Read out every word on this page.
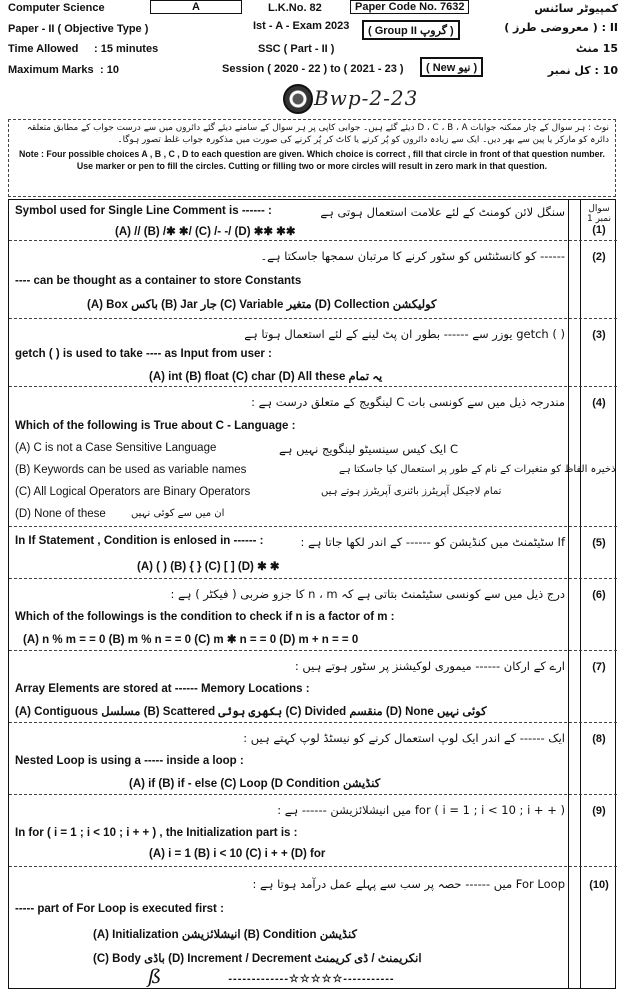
Computer Science	A	L.K.No. 82	Paper Code No. 7632	کمپیوٹر سائنس
Paper - II ( Objective Type )	Ist - A - Exam 2023	( Group II گروپ )	II : ( معروضی طرز )
Time Allowed : 15 minutes	SSC ( Part - II )	15 منٹ
Maximum Marks : 10	Session ( 2020 - 22 ) to ( 2021 - 23 )	( New نیو )	10 : کل نمبر
Bwp-2-23
نوٹ : ہر سوال کے چار ممکنہ جوابات D ، C ، B ، A دیئے گئے ہیں۔ جوابی کاپی پر ہر سوال کے سامنے دیئے گئے دائروں میں سے درست جواب کے مطابق متعلقہ دائرہ کو مارکر یا پین سے بھر دیں۔ ایک سے زیادہ دائروں کو پُر کرنے یا کاٹ کر پُر کرنے کی صورت میں مذکورہ جواب غلط تصور ہوگا۔
Note : Four possible choices A , B , C , D to each question are given. Which choice is correct , fill that circle in front of that question number. Use marker or pen to fill the circles. Cutting or filling two or more circles will result in zero mark in that question.
سوال نمبر 1
Symbol used for Single Line Comment is ------ :	سنگل لائن کومنٹ کے لئے علامت استعمال ہوتی ہے
(A) // (B) /✱ ✱/ (C) /- -/ (D) ✱✱ ✱✱	(1)
------ کو کانسٹنٹس کو سٹور کرنے کا مرتبان سمجھا جاسکتا ہے۔
---- can be thought as a container to store Constants
(A) Box باکس (B) Jar جار (C) Variable متغیر (D) Collection کولیکشن
(2)
( ) getch یوزر سے ------ بطور ان پٹ لینے کے لئے استعمال ہوتا ہے
getch ( ) is used to take ---- as Input from user :
(A) int (B) float (C) char (D) All these یہ تمام
(3)
مندرجہ ذیل میں سے کونسی بات C لینگویج کے متعلق درست ہے :
Which of the following is True about C - Language :
(A) C is not a Case Sensitive Language	C ایک کیس سینسیٹو لینگویج نہیں ہے
(B) Keywords can be used as variable names	ذخیرہ الفاظ کو متغیرات کے نام کے طور پر استعمال کیا جاسکتا ہے
(C) All Logical Operators are Binary Operators	تمام لاجیکل آپریٹرز بائنری آپریٹرز ہوتے ہیں
(D) None of these	ان میں سے کوئی نہیں
(4)
In If Statement , Condition is enlosed in ------ :	If سٹیٹمنٹ میں کنڈیشن کو ------ کے اندر لکھا جاتا ہے :
(A) ( ) (B) { } (C) [ ] (D) ✱ ✱
(5)
درج ذیل میں سے کونسی سٹیٹمنٹ بتاتی ہے کہ n ، m کا جزو ضربی ( فیکٹر ) ہے :
Which of the followings is the condition to check if n is a factor of m :
(A) n % m = = 0 (B) m % n = = 0 (C) m ✱ n = = 0 (D) m + n = = 0
(6)
ارے کے ارکان ------ میموری لوکیشنز پر سٹور ہوتے ہیں :
Array Elements are stored at ------ Memory Locations :
(A) Contiguous مسلسل (B) Scattered بکھری ہوئی (C) Divided منقسم (D) None کوئی نہیں
(7)
ایک ------ کے اندر ایک لوپ استعمال کرنے کو نیسٹڈ لوپ کہتے ہیں :
Nested Loop is using a ----- inside a loop :
(A) if (B) if - else (C) Loop (D Condition کنڈیشن
(8)
for ( i = 1 ; i < 10 ; i + + ) میں انیشلائزیشن ------ ہے :
In for ( i = 1 ; i < 10 ; i + + ) , the Initialization part is :
(A) i = 1 (B) i < 10 (C) i + + (D) for
(9)
For Loop میں ------ حصہ پر سب سے پہلے عمل درآمد ہوتا ہے :
----- part of For Loop is executed first :
(A) Initialization انیشلائزیشن (B) Condition کنڈیشن
(C) Body باڈی (D) Increment / Decrement انکریمنٹ / ڈی کریمنٹ
(10)
ß	-------------☆☆☆☆☆-----------
